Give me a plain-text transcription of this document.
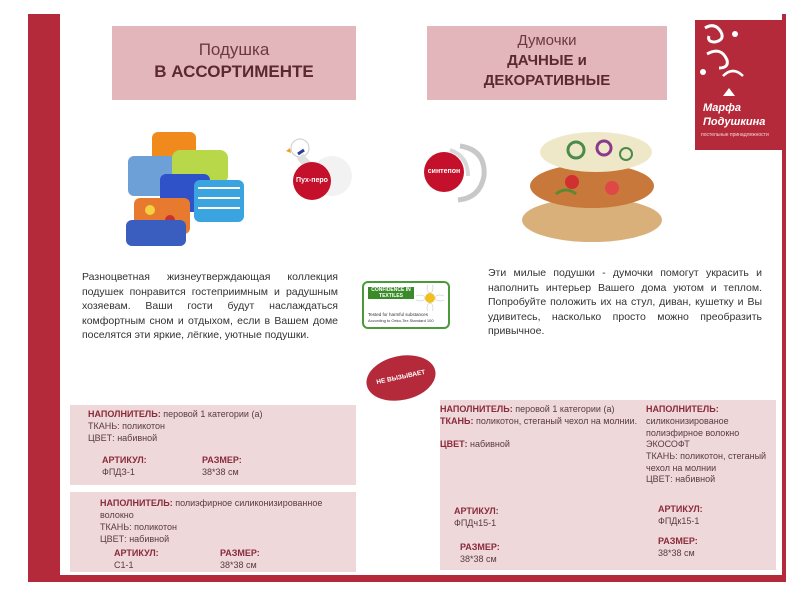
Подушка
В АССОРТИМЕНТЕ
Думочки
ДАЧНЫЕ и
ДЕКОРАТИВНЫЕ
Марфа
Подушкина
постельные принадлежности
Пух-перо
синтепон
Разноцветная жизнеутверждающая коллекция подушек понравится гостеприимным и радушным хозяевам. Ваши гости будут наслаждаться комфортным сном и отдыхом, если в Вашем доме поселятся эти яркие, лёгкие, уютные подушки.
CONFIDENCE IN TEXTILES
Tested for harmful substances
According to Oeko-Tex Standard 100
НЕ ВЫЗЫВАЕТ АЛЛЕРГИИ
Эти милые подушки - думочки помогут украсить и наполнить интерьер Вашего дома уютом и теплом. Попробуйте положить их на стул, диван, кушетку и Вы удивитесь, насколько просто можно преобразить привычное.
НАПОЛНИТЕЛЬ: перовой 1 категории (а)
ТКАНЬ: поликотон
ЦВЕТ: набивной
АРТИКУЛ:
ФПДЗ-1
РАЗМЕР:
38*38 см
НАПОЛНИТЕЛЬ: полиэфирное силиконизированное волокно
ТКАНЬ: поликотон
ЦВЕТ: набивной
АРТИКУЛ:
С1-1
РАЗМЕР:
38*38 см
НАПОЛНИТЕЛЬ: перовой 1 категории (а)
ТКАНЬ: поликотон, стеганый чехол на молнии.
ЦВЕТ: набивной
АРТИКУЛ:
ФПДч15-1
РАЗМЕР:
38*38 см
НАПОЛНИТЕЛЬ:
силиконизированое полиэфирное волокно ЭКОСОФТ
ТКАНЬ: поликотон, стеганый чехол на молнии
ЦВЕТ: набивной
АРТИКУЛ:
ФПДк15-1
РАЗМЕР:
38*38 см
